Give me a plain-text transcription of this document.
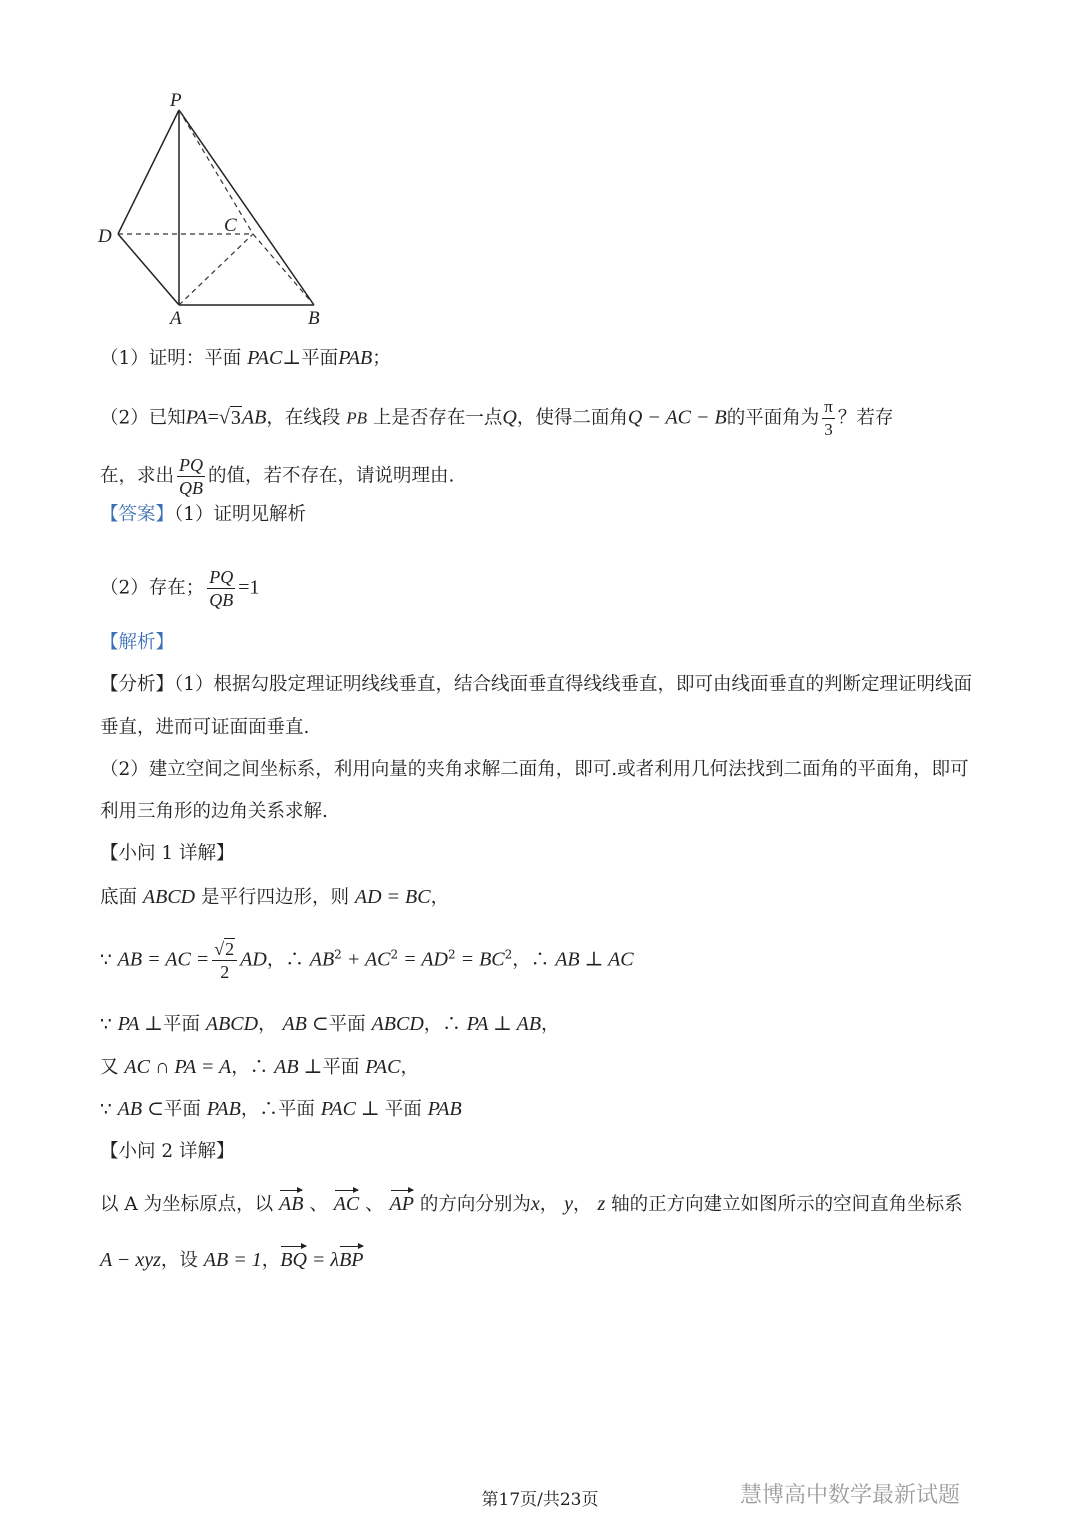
P
D
C
A	B
（1）证明：平面 PAC⊥平面PAB；
（2）已知PA=√3AB，在线段 PB 上是否存在一点Q，使得二面角Q − AC − B的平面角为 $\frac{\pi}{3}$ ？若存
在，求出 $\frac{PQ}{QB}$ 的值，若不存在，请说明理由.
【答案】（1）证明见解析
（2）存在； $\frac{PQ}{QB} =1$
【解析】
【分析】（1）根据勾股定理证明线线垂直，结合线面垂直得线线垂直，即可由线面垂直的判断定理证明线面
垂直，进而可证面面垂直.
（2）建立空间之间坐标系，利用向量的夹角求解二面角，即可.或者利用几何法找到二面角的平面角，即可
利用三角形的边角关系求解.
【小问 1 详解】
底面 ABCD 是平行四边形，则 AD = BC，
∵ AB = AC = $\frac{√2}{2}$ AD，∴ $AB^2 + AC^2 = AD^2 = BC^2$，∴ AB ⊥ AC
∵ PA ⊥平面 ABCD， AB ⊂平面 ABCD，∴ PA ⊥ AB，
又 AC ∩ PA = A，∴ AB ⊥平面 PAC，
∵ AB ⊂平面 PAB，∴平面 PAC ⊥ 平面 PAB
【小问 2 详解】
以 A 为坐标原点，以 AB 、 AC 、 AP 的方向分别为x， y， z 轴的正方向建立如图所示的空间直角坐标系
A − xyz，设 AB = 1，BQ = λBP
第17页/共23页	慧博高中数学最新试题
